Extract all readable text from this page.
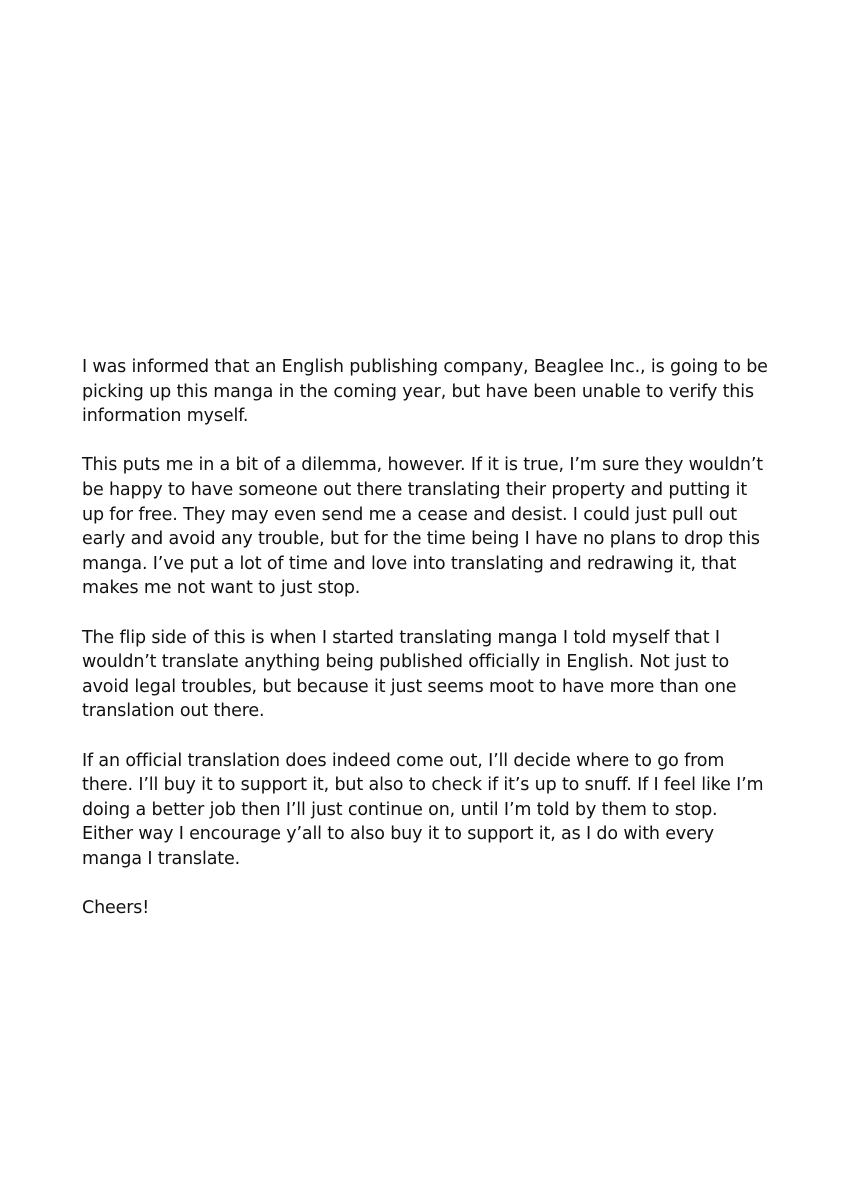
I was informed that an English publishing company, Beaglee Inc., is going to be picking up this manga in the coming year, but have been unable to verify this information myself.

This puts me in a bit of a dilemma, however. If it is true, I’m sure they wouldn’t be happy to have someone out there translating their property and putting it up for free. They may even send me a cease and desist. I could just pull out early and avoid any trouble, but for the time being I have no plans to drop this manga. I’ve put a lot of time and love into translating and redrawing it, that makes me not want to just stop.

The flip side of this is when I started translating manga I told myself that I wouldn’t translate anything being published officially in English. Not just to avoid legal troubles, but because it just seems moot to have more than one translation out there.

If an official translation does indeed come out, I’ll decide where to go from there. I’ll buy it to support it, but also to check if it’s up to snuff. If I feel like I’m doing a better job then I’ll just continue on, until I’m told by them to stop. Either way I encourage y’all to also buy it to support it, as I do with every manga I translate.

Cheers!
